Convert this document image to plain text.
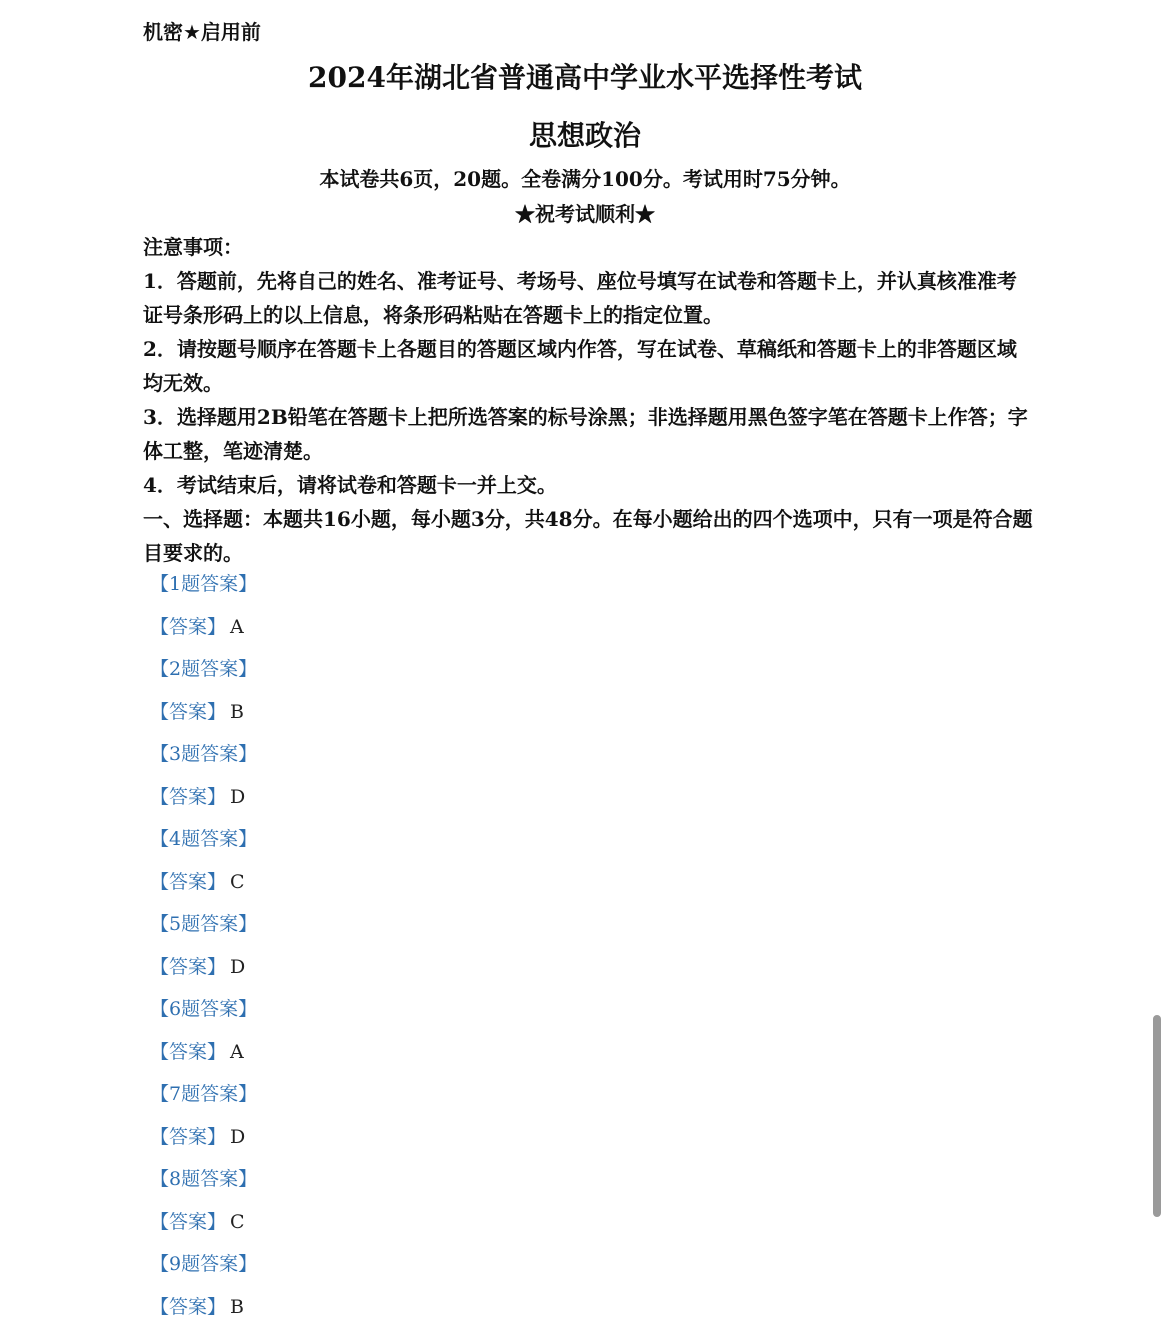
机密★启用前
2024年湖北省普通高中学业水平选择性考试
思想政治
本试卷共6页，20题。全卷满分100分。考试用时75分钟。
★祝考试顺利★

注意事项：

1．答题前，先将自己的姓名、准考证号、考场号、座位号填写在试卷和答题卡上，并认真核准准考证号条形码上的以上信息，将条形码粘贴在答题卡上的指定位置。

2．请按题号顺序在答题卡上各题目的答题区域内作答，写在试卷、草稿纸和答题卡上的非答题区域均无效。

3．选择题用2B铅笔在答题卡上把所选答案的标号涂黑；非选择题用黑色签字笔在答题卡上作答；字体工整，笔迹清楚。

4．考试结束后，请将试卷和答题卡一并上交。

一、选择题：本题共16小题，每小题3分，共48分。在每小题给出的四个选项中，只有一项是符合题目要求的。

【1题答案】
【答案】 A
【2题答案】
【答案】 B
【3题答案】
【答案】 D
【4题答案】
【答案】 C
【5题答案】
【答案】 D
【6题答案】
【答案】 A
【7题答案】
【答案】 D
【8题答案】
【答案】 C
【9题答案】
【答案】 B
